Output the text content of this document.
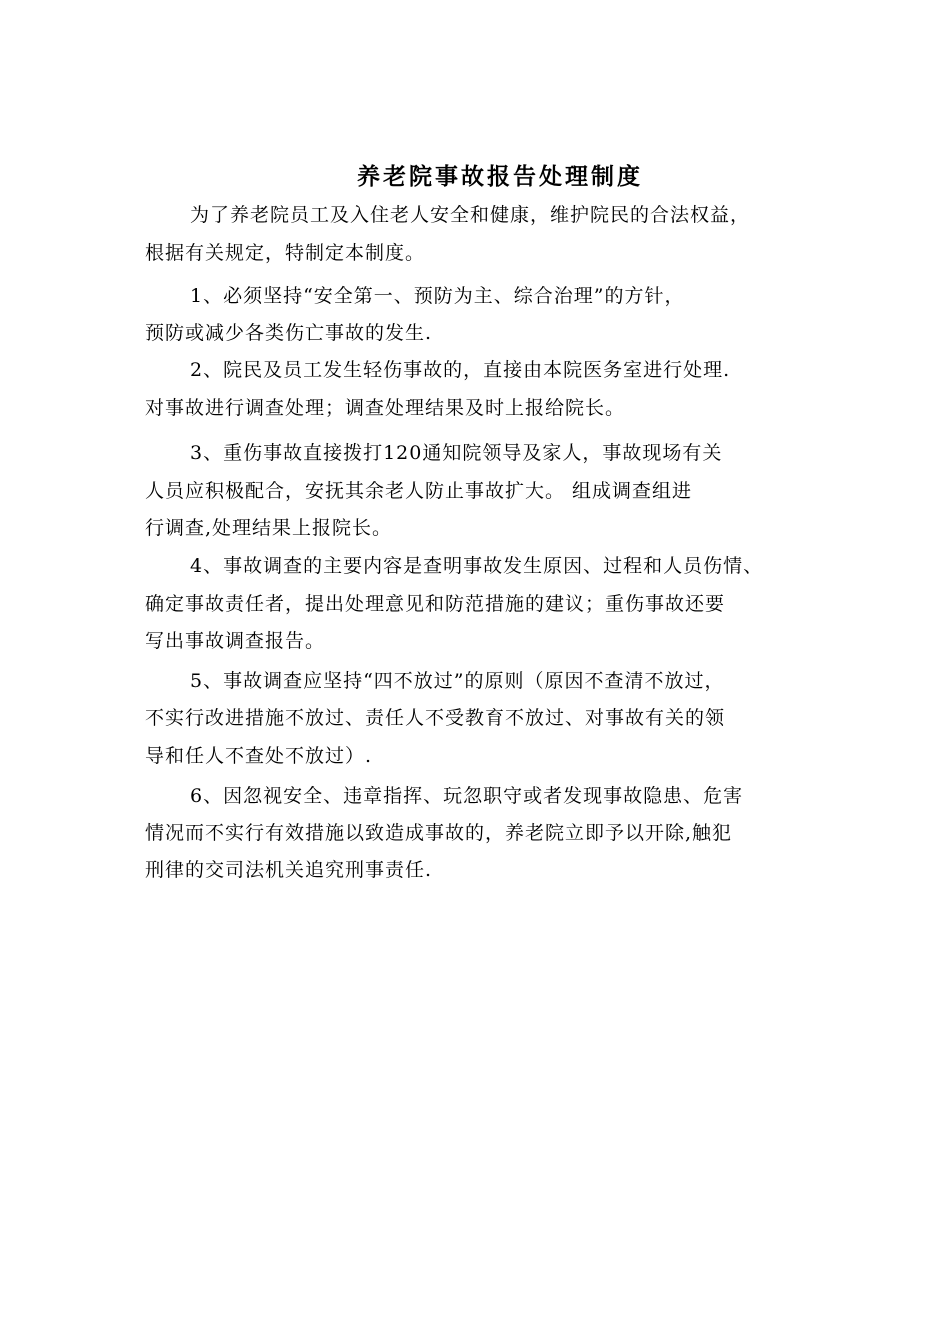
养老院事故报告处理制度
为了养老院员工及入住老人安全和健康，维护院民的合法权益，
根据有关规定，特制定本制度。
1、必须坚持“安全第一、预防为主、综合治理”的方针，
预防或减少各类伤亡事故的发生.
2、院民及员工发生轻伤事故的，直接由本院医务室进行处理.
对事故进行调查处理；调查处理结果及时上报给院长。
3、重伤事故直接拨打120通知院领导及家人，事故现场有关
人员应积极配合，安抚其余老人防止事故扩大。 组成调查组进
行调查,处理结果上报院长。
4、事故调查的主要内容是查明事故发生原因、过程和人员伤情、
确定事故责任者，提出处理意见和防范措施的建议；重伤事故还要
写出事故调查报告。
5、事故调查应坚持“四不放过”的原则（原因不查清不放过，
不实行改进措施不放过、责任人不受教育不放过、对事故有关的领
导和任人不查处不放过）.
6、因忽视安全、违章指挥、玩忽职守或者发现事故隐患、危害
情况而不实行有效措施以致造成事故的，养老院立即予以开除,触犯
刑律的交司法机关追究刑事责任.
